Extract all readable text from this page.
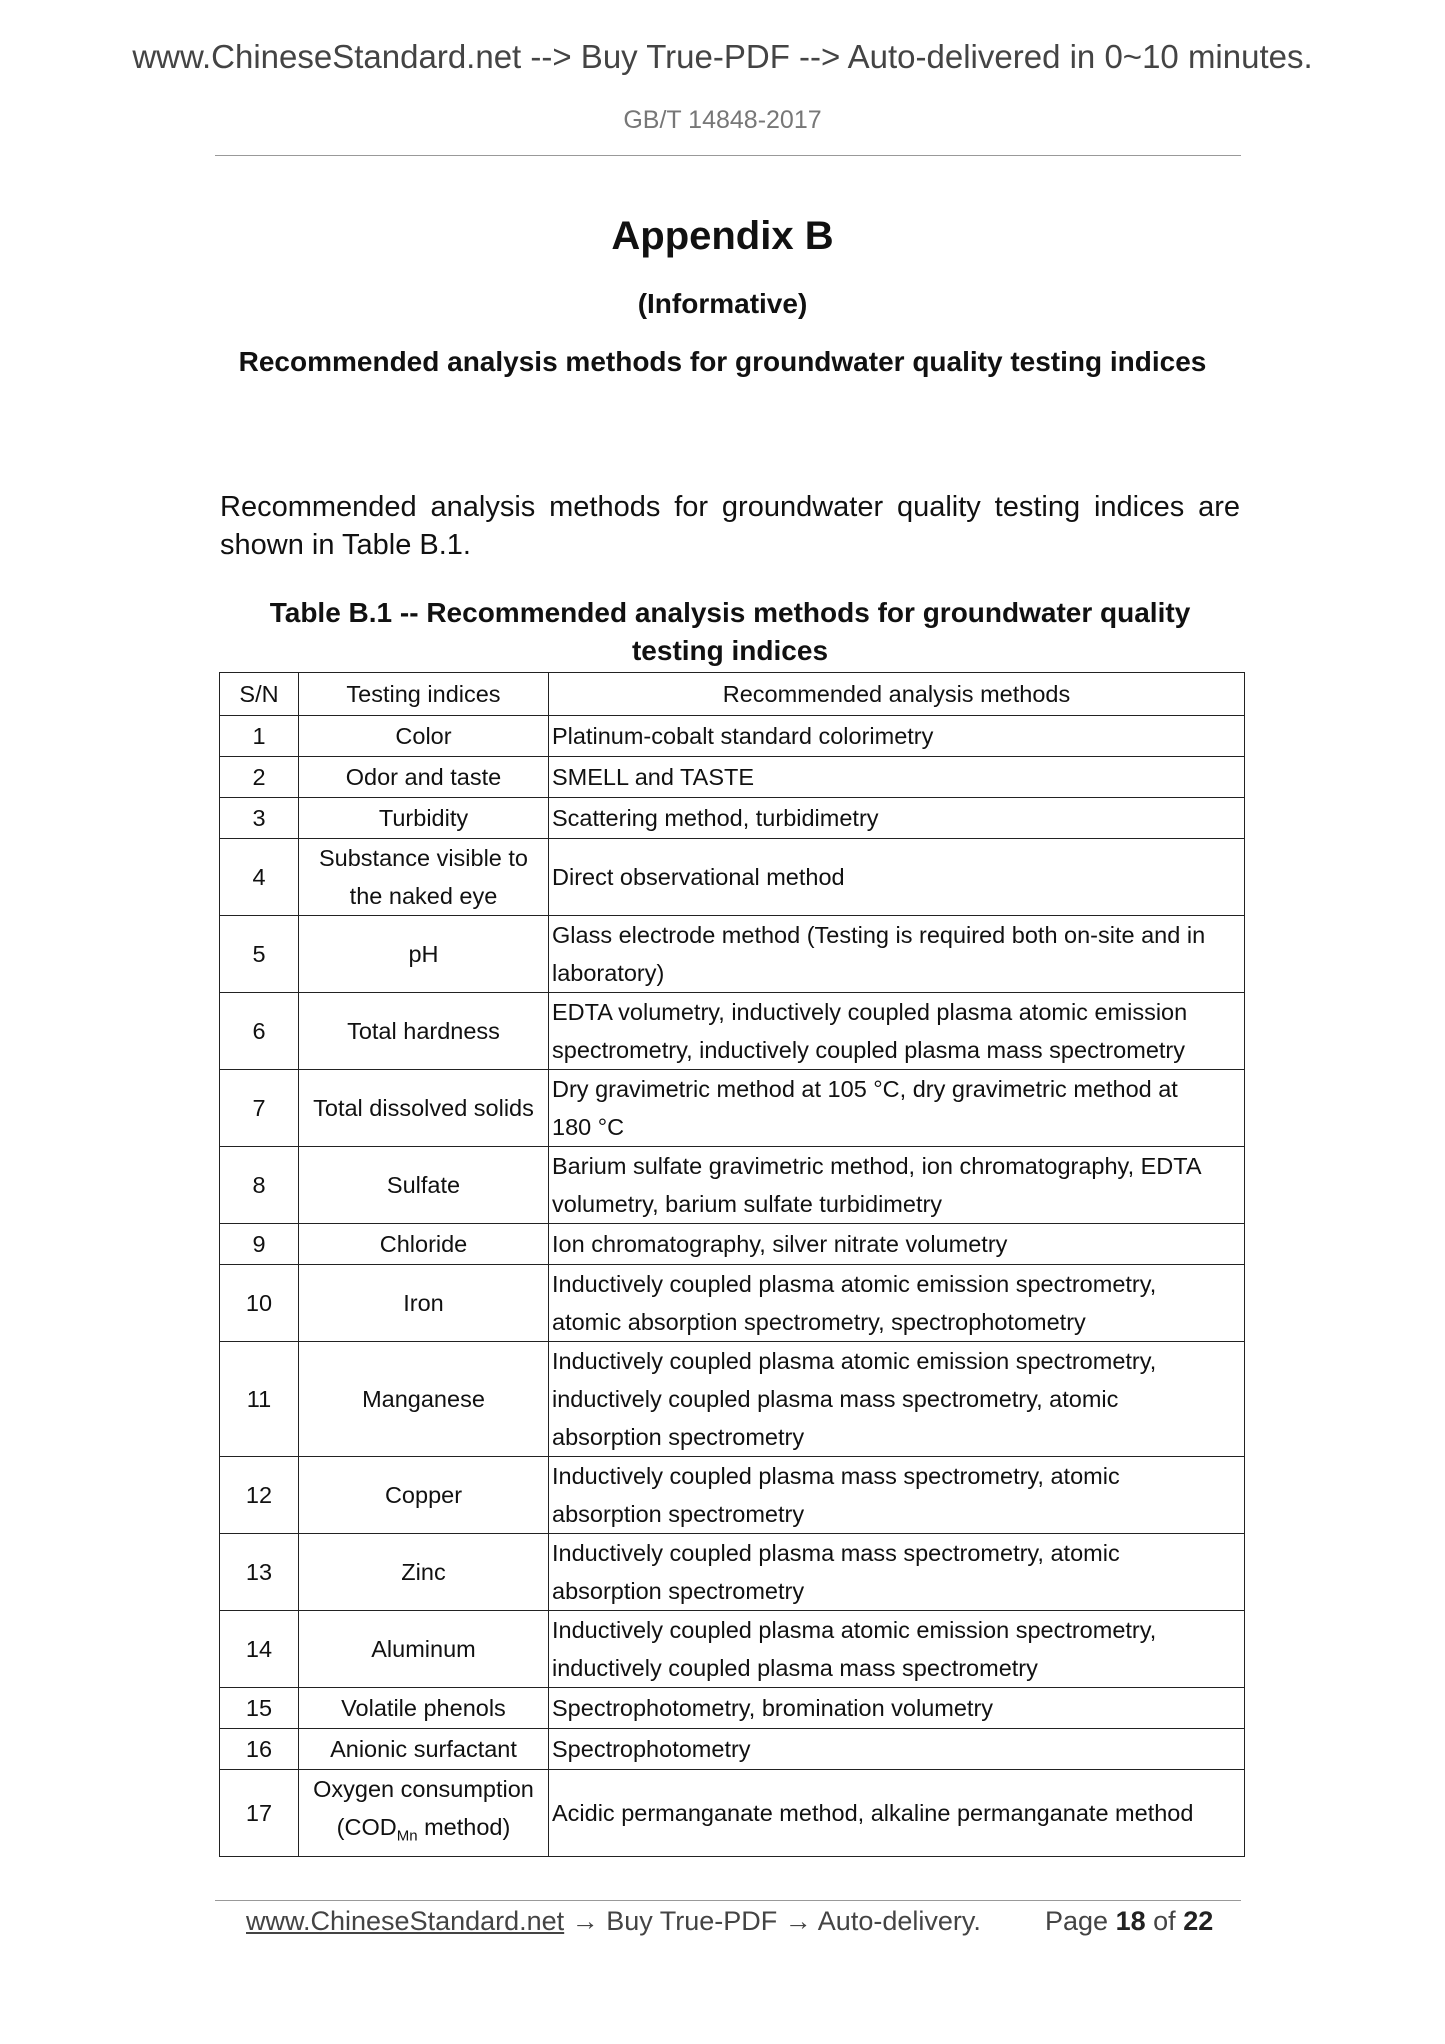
www.ChineseStandard.net --> Buy True-PDF --> Auto-delivered in 0~10 minutes.
GB/T 14848-2017
Appendix B
(Informative)
Recommended analysis methods for groundwater quality testing indices
Recommended analysis methods for groundwater quality testing indices are shown in Table B.1.
Table B.1 -- Recommended analysis methods for groundwater quality
testing indices
S/N	Testing indices	Recommended analysis methods
1	Color	Platinum-cobalt standard colorimetry
2	Odor and taste	SMELL and TASTE
3	Turbidity	Scattering method, turbidimetry
4	Substance visible to
the naked eye	Direct observational method
5	pH	Glass electrode method (Testing is required both on-site and in
laboratory)

6	Total hardness	EDTA volumetry, inductively coupled plasma atomic emission
spectrometry, inductively coupled plasma mass spectrometry

7	Total dissolved solids	Dry gravimetric method at 105 °C, dry gravimetric method at
180 °C

8	Sulfate	Barium sulfate gravimetric method, ion chromatography, EDTA
volumetry, barium sulfate turbidimetry

9	Chloride	Ion chromatography, silver nitrate volumetry
10	Iron	Inductively coupled plasma atomic emission spectrometry,
atomic absorption spectrometry, spectrophotometry

11	Manganese	Inductively coupled plasma atomic emission spectrometry,
inductively coupled plasma mass spectrometry, atomic
absorption spectrometry

12	Copper	Inductively coupled plasma mass spectrometry, atomic
absorption spectrometry

13	Zinc	Inductively coupled plasma mass spectrometry, atomic
absorption spectrometry

14	Aluminum	Inductively coupled plasma atomic emission spectrometry,
inductively coupled plasma mass spectrometry

15	Volatile phenols	Spectrophotometry, bromination volumetry
16	Anionic surfactant	Spectrophotometry
17	Oxygen consumption
($COD_{Mn}$ method)	Acidic permanganate method, alkaline permanganate method
www.ChineseStandard.net → Buy True-PDF → Auto-delivery. Page 18 of 22
